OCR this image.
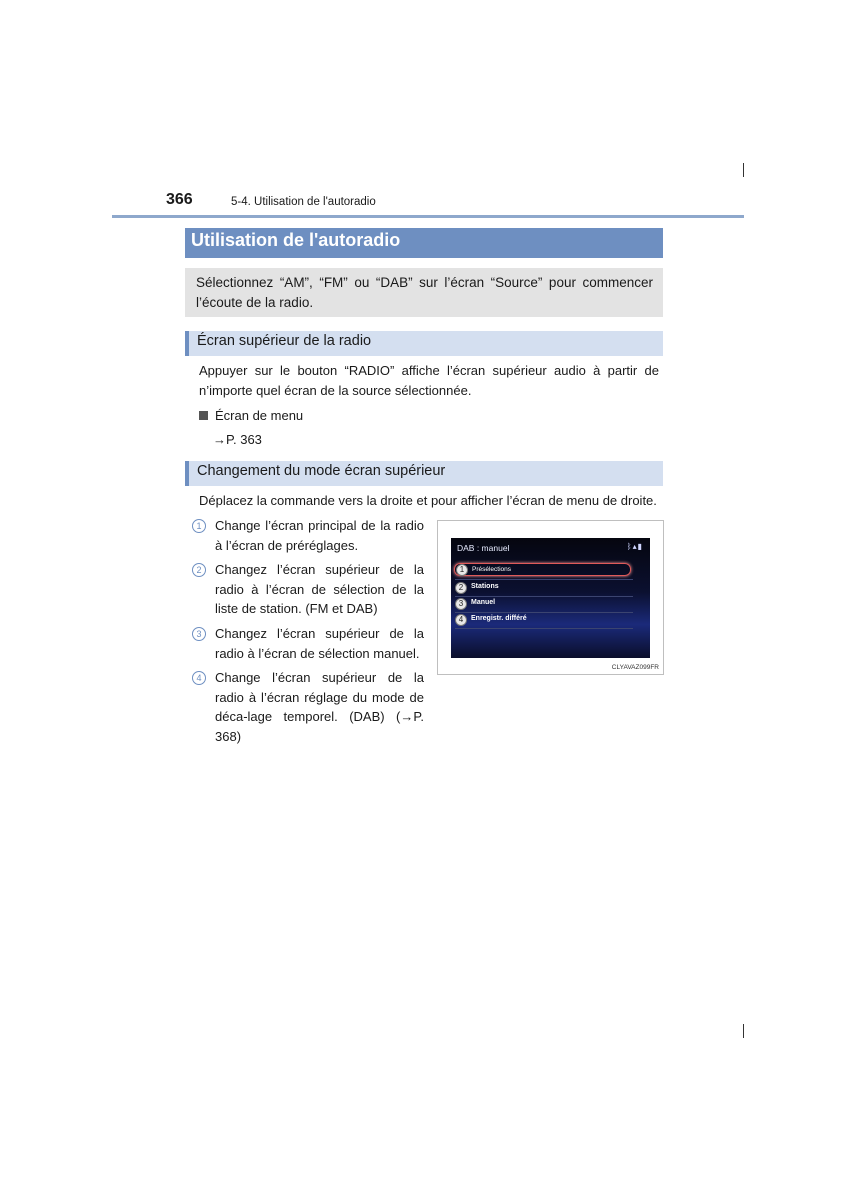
366	5-4. Utilisation de l'autoradio
Utilisation de l'autoradio
Sélectionnez “AM”, “FM” ou “DAB” sur l’écran “Source” pour commencer l’écoute de la radio.
Écran supérieur de la radio
Appuyer sur le bouton “RADIO” affiche l’écran supérieur audio à partir de n’importe quel écran de la source sélectionnée.
Écran de menu
→P. 363
Changement du mode écran supérieur
Déplacez la commande vers la droite et pour afficher l’écran de menu de droite.
1	Change l’écran principal de la radio à l’écran de préréglages.
2	Changez l’écran supérieur de la radio à l’écran de sélection de la liste de station. (FM et DAB)
3	Changez l’écran supérieur de la radio à l’écran de sélection manuel.
4	Change l’écran supérieur de la radio à l’écran réglage du mode de déca-lage temporel. (DAB) (→P. 368)
DAB : manuel	ᛒ▴▮
1	Présélections
2	Stations
3	Manuel
4	Enregistr. différé
CLYAVAZ099FR
